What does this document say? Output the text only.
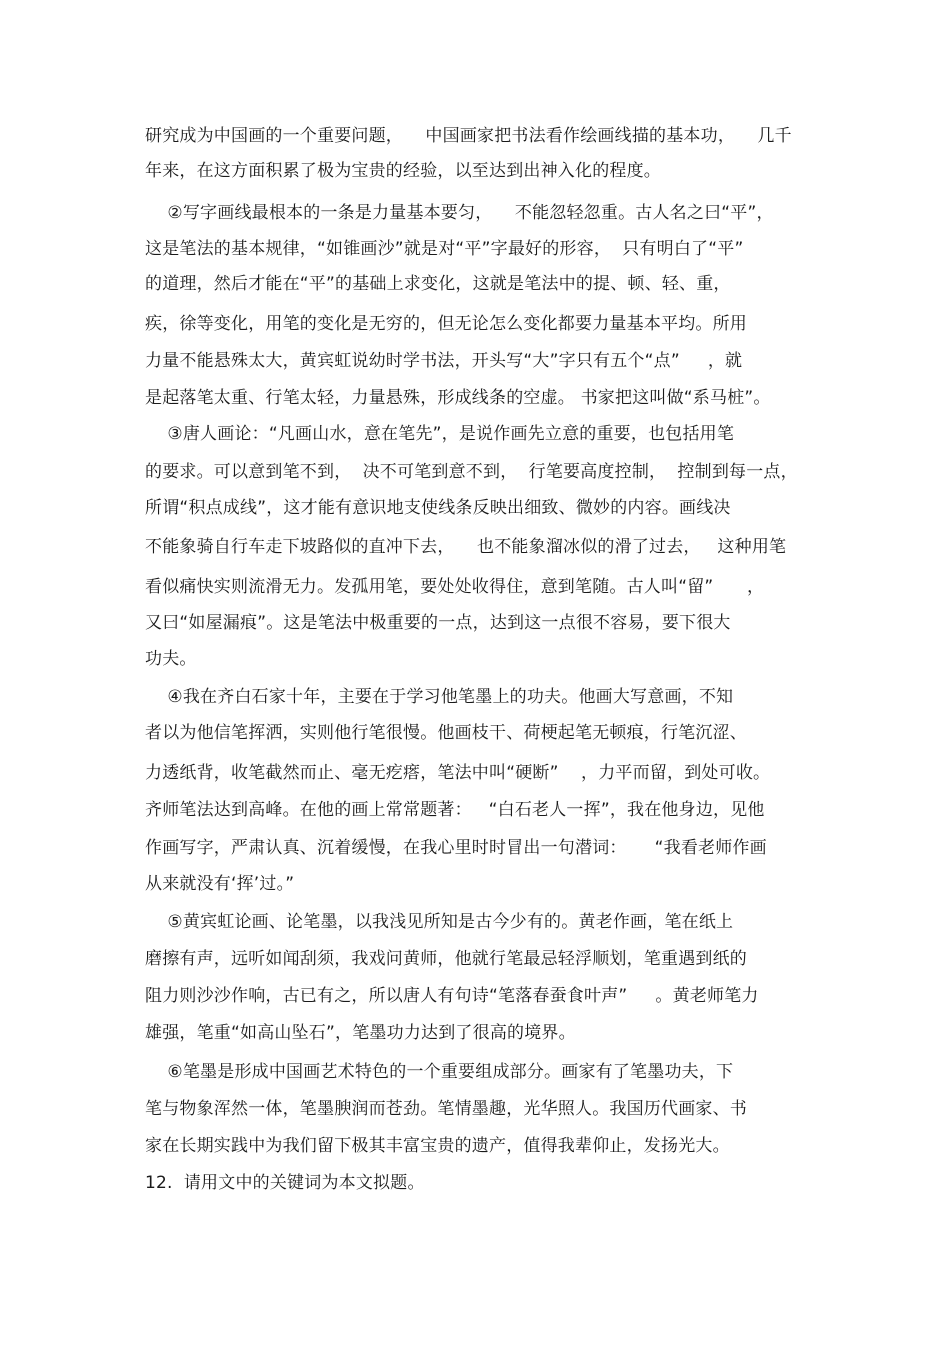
研究成为中国画的一个重要问题，    中国画家把书法看作绘画线描的基本功，    几千
年来，在这方面积累了极为宝贵的经验，以至达到出神入化的程度。
②写字画线最根本的一条是力量基本要匀，    不能忽轻忽重。古人名之曰“平”，
这是笔法的基本规律，“如锥画沙”就是对“平”字最好的形容，  只有明白了“平”
的道理，然后才能在“平”的基础上求变化，这就是笔法中的提、顿、轻、重，
疾，徐等变化，用笔的变化是无穷的，但无论怎么变化都要力量基本平均。所用
力量不能悬殊太大，黄宾虹说幼时学书法，开头写“大”字只有五个“点”     ，就
是起落笔太重、行笔太轻，力量悬殊，形成线条的空虚。 书家把这叫做“系马桩”。
③唐人画论：“凡画山水，意在笔先”，是说作画先立意的重要，也包括用笔
的要求。可以意到笔不到，  决不可笔到意不到，  行笔要高度控制，  控制到每一点，
所谓“积点成线”，这才能有意识地支使线条反映出细致、微妙的内容。画线决
不能象骑自行车走下坡路似的直冲下去，    也不能象溜冰似的滑了过去，   这种用笔
看似痛快实则流滑无力。发孤用笔，要处处收得住，意到笔随。古人叫“留”      ，
又曰“如屋漏痕”。这是笔法中极重要的一点，达到这一点很不容易，要下很大
功夫。
④我在齐白石家十年，主要在于学习他笔墨上的功夫。他画大写意画，不知
者以为他信笔挥洒，实则他行笔很慢。他画枝干、荷梗起笔无顿痕，行笔沉涩、
力透纸背，收笔截然而止、毫无疙瘩，笔法中叫“硬断”    ，力平而留，到处可收。
齐师笔法达到高峰。在他的画上常常题著：   “白石老人一挥”，我在他身边，见他
作画写字，严肃认真、沉着缓慢，在我心里时时冒出一句潜词：     “我看老师作画
从来就没有‘挥’过。”
⑤黄宾虹论画、论笔墨，以我浅见所知是古今少有的。黄老作画，笔在纸上
磨擦有声，远听如闻刮须，我戏问黄师，他就行笔最忌轻浮顺划，笔重遇到纸的
阻力则沙沙作响，古已有之，所以唐人有句诗“笔落春蚕食叶声”     。黄老师笔力
雄强，笔重“如高山坠石”，笔墨功力达到了很高的境界。
⑥笔墨是形成中国画艺术特色的一个重要组成部分。画家有了笔墨功夫，下
笔与物象浑然一体，笔墨腴润而苍劲。笔情墨趣，光华照人。我国历代画家、书
家在长期实践中为我们留下极其丰富宝贵的遗产，值得我辈仰止，发扬光大。
12.  请用文中的关键词为本文拟题。
